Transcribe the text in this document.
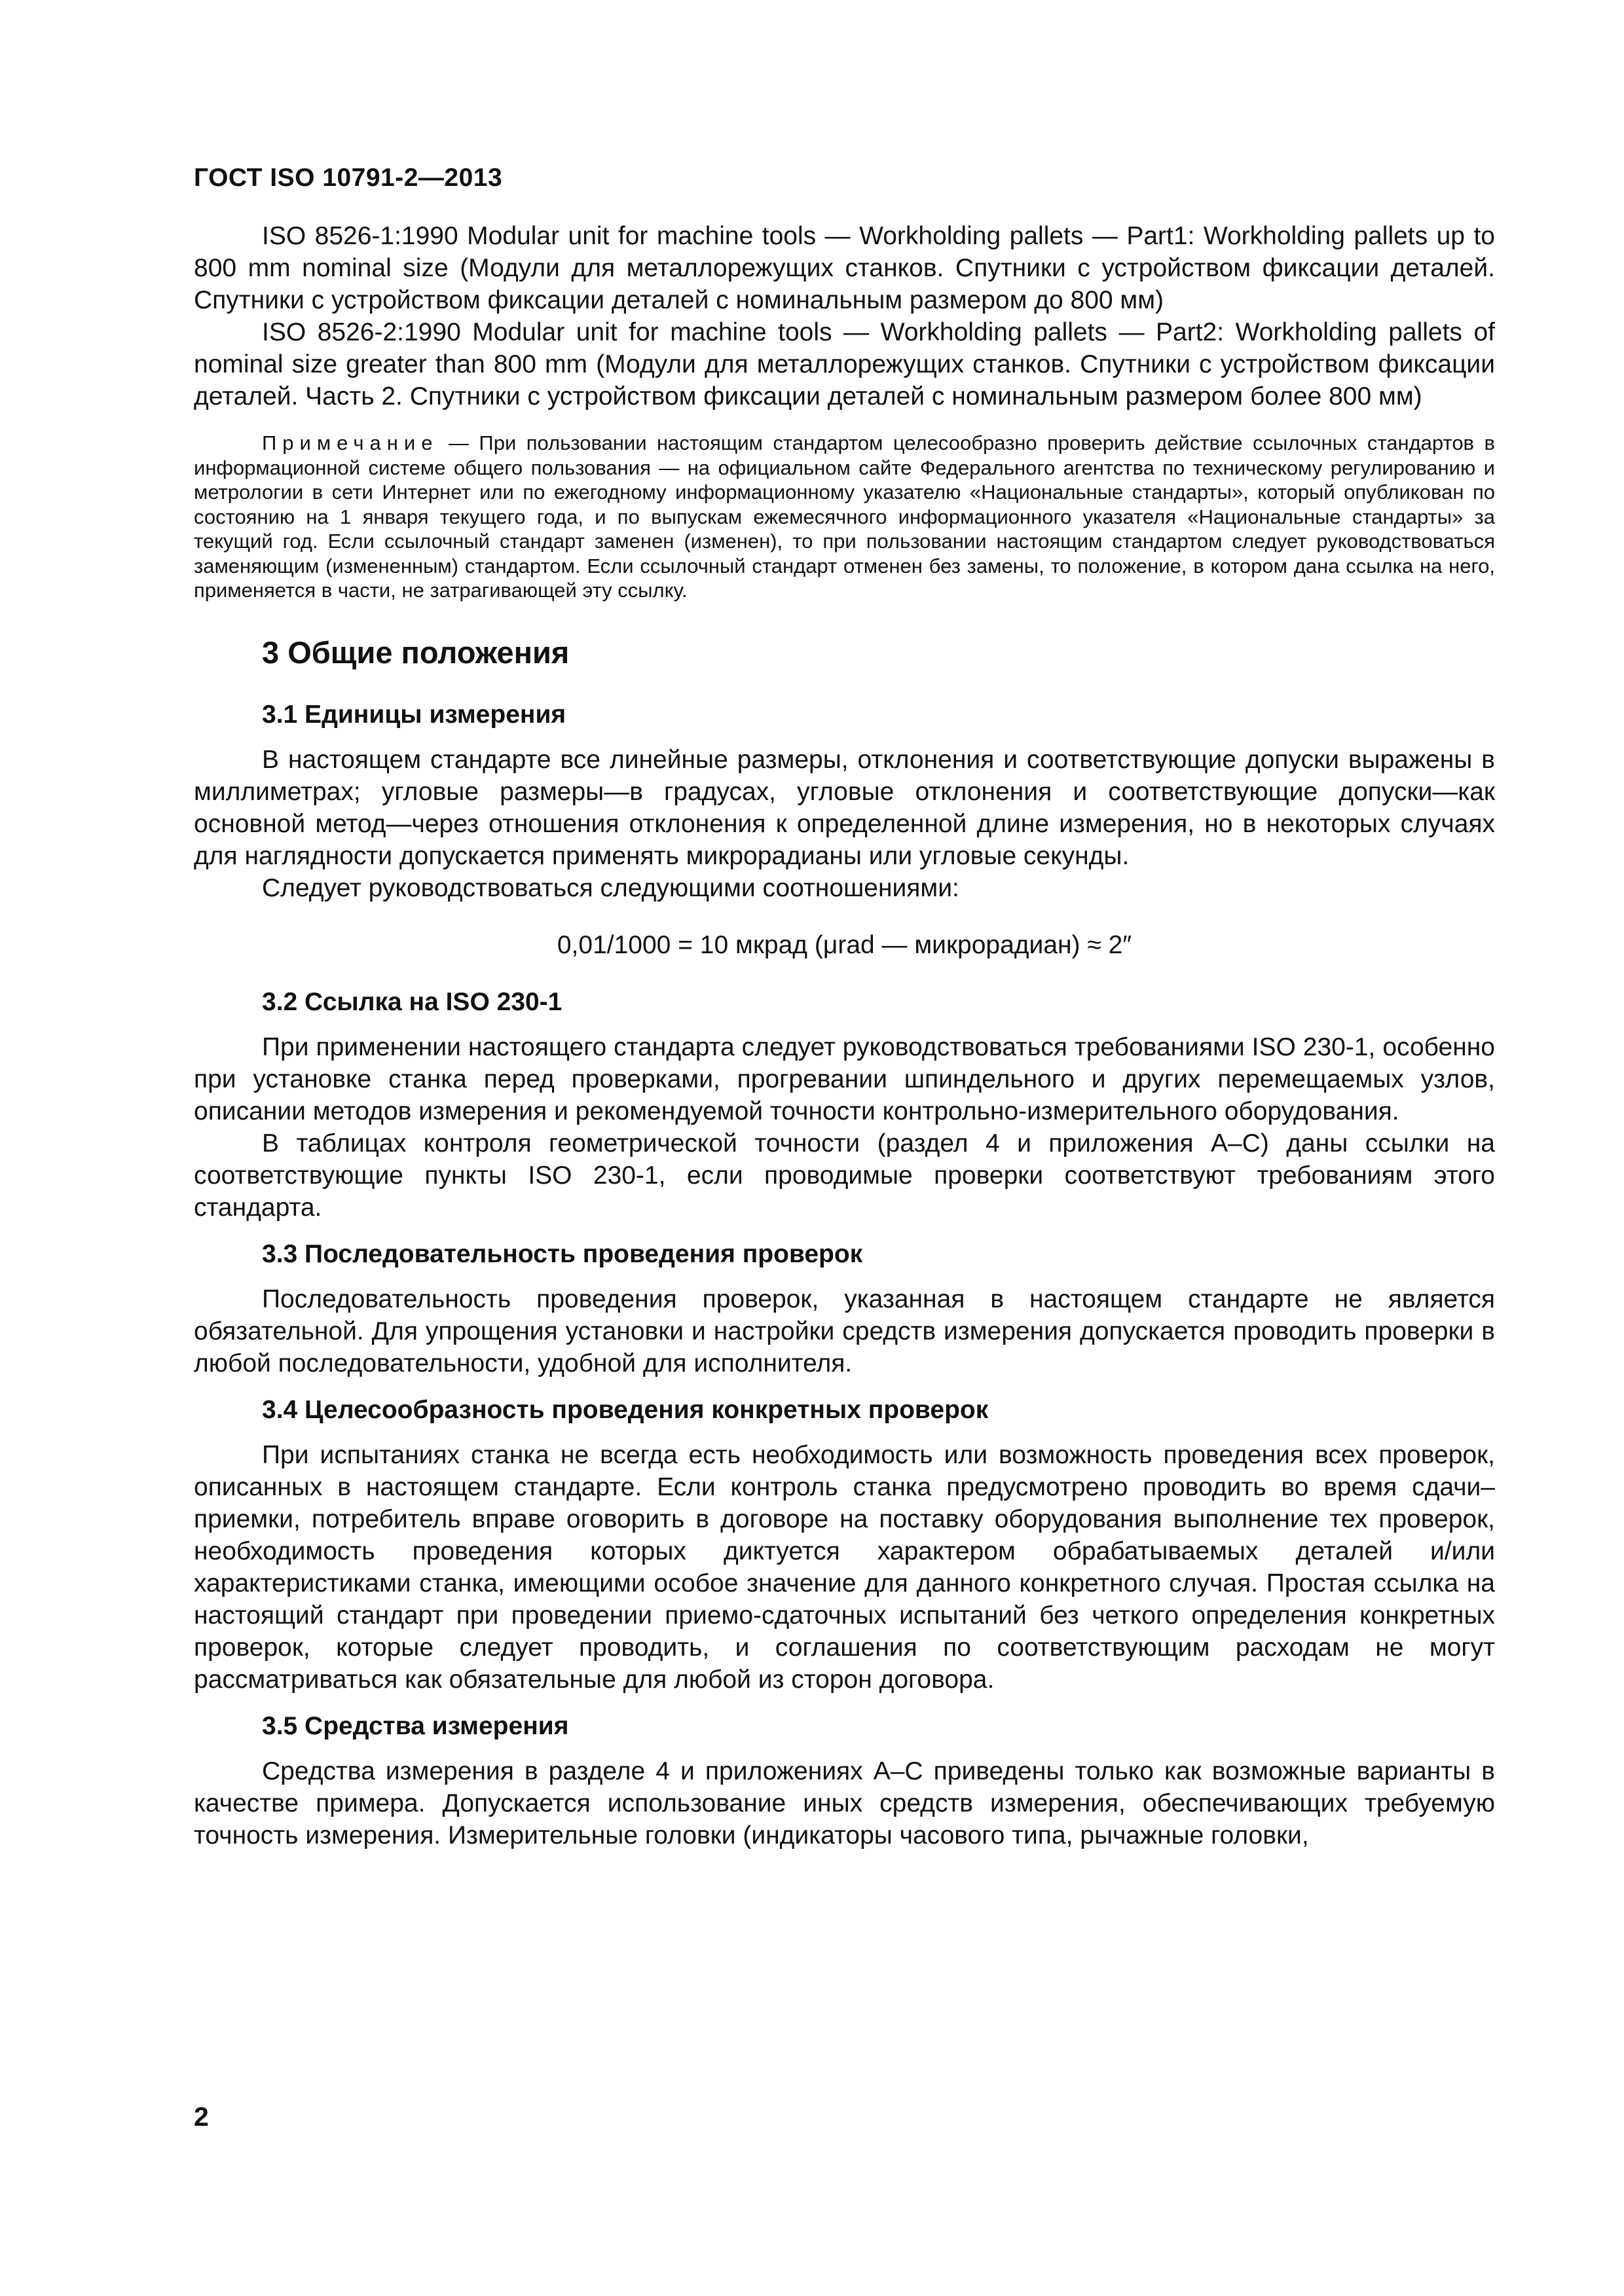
ГОСТ ISO 10791-2—2013

ISO 8526-1:1990 Modular unit for machine tools — Workholding pallets — Part1: Workholding pallets up to 800 mm nominal size (Модули для металлорежущих станков. Спутники с устройством фиксации деталей. Спутники с устройством фиксации деталей с номинальным размером до 800 мм)

ISO 8526-2:1990 Modular unit for machine tools — Workholding pallets — Part2: Workholding pallets of nominal size greater than 800 mm (Модули для металлорежущих станков. Спутники с устройством фиксации деталей. Часть 2. Спутники с устройством фиксации деталей с номинальным размером более 800 мм)

Примечание — При пользовании настоящим стандартом целесообразно проверить действие ссылочных стандартов в информационной системе общего пользования — на официальном сайте Федерального агентства по техническому регулированию и метрологии в сети Интернет или по ежегодному информационному указателю «Национальные стандарты», который опубликован по состоянию на 1 января текущего года, и по выпускам ежемесячного информационного указателя «Национальные стандарты» за текущий год. Если ссылочный стандарт заменен (изменен), то при пользовании настоящим стандартом следует руководствоваться заменяющим (измененным) стандартом. Если ссылочный стандарт отменен без замены, то положение, в котором дана ссылка на него, применяется в части, не затрагивающей эту ссылку.

3 Общие положения
3.1 Единицы измерения

В настоящем стандарте все линейные размеры, отклонения и соответствующие допуски выражены в миллиметрах; угловые размеры—в градусах, угловые отклонения и соответствующие допуски—как основной метод—через отношения отклонения к определенной длине измерения, но в некоторых случаях для наглядности допускается применять микрорадианы или угловые секунды.

Следует руководствоваться следующими соотношениями:

0,01/1000 = 10 мкрад (μrad — микрорадиан) ≈ 2″
3.2 Ссылка на ISO 230-1

При применении настоящего стандарта следует руководствоваться требованиями ISO 230-1, особенно при установке станка перед проверками, прогревании шпиндельного и других перемещаемых узлов, описании методов измерения и рекомендуемой точности контрольно-измерительного оборудования.

В таблицах контроля геометрической точности (раздел 4 и приложения А–С) даны ссылки на соответствующие пункты ISO 230-1, если проводимые проверки соответствуют требованиям этого стандарта.

3.3 Последовательность проведения проверок

Последовательность проведения проверок, указанная в настоящем стандарте не является обязательной. Для упрощения установки и настройки средств измерения допускается проводить проверки в любой последовательности, удобной для исполнителя.

3.4 Целесообразность проведения конкретных проверок

При испытаниях станка не всегда есть необходимость или возможность проведения всех проверок, описанных в настоящем стандарте. Если контроль станка предусмотрено проводить во время сдачи–приемки, потребитель вправе оговорить в договоре на поставку оборудования выполнение тех проверок, необходимость проведения которых диктуется характером обрабатываемых деталей и/или характеристиками станка, имеющими особое значение для данного конкретного случая. Простая ссылка на настоящий стандарт при проведении приемо-сдаточных испытаний без четкого определения конкретных проверок, которые следует проводить, и соглашения по соответствующим расходам не могут рассматриваться как обязательные для любой из сторон договора.

3.5 Средства измерения

Средства измерения в разделе 4 и приложениях А–С приведены только как возможные варианты в качестве примера. Допускается использование иных средств измерения, обеспечивающих требуемую точность измерения. Измерительные головки (индикаторы часового типа, рычажные головки,

2
